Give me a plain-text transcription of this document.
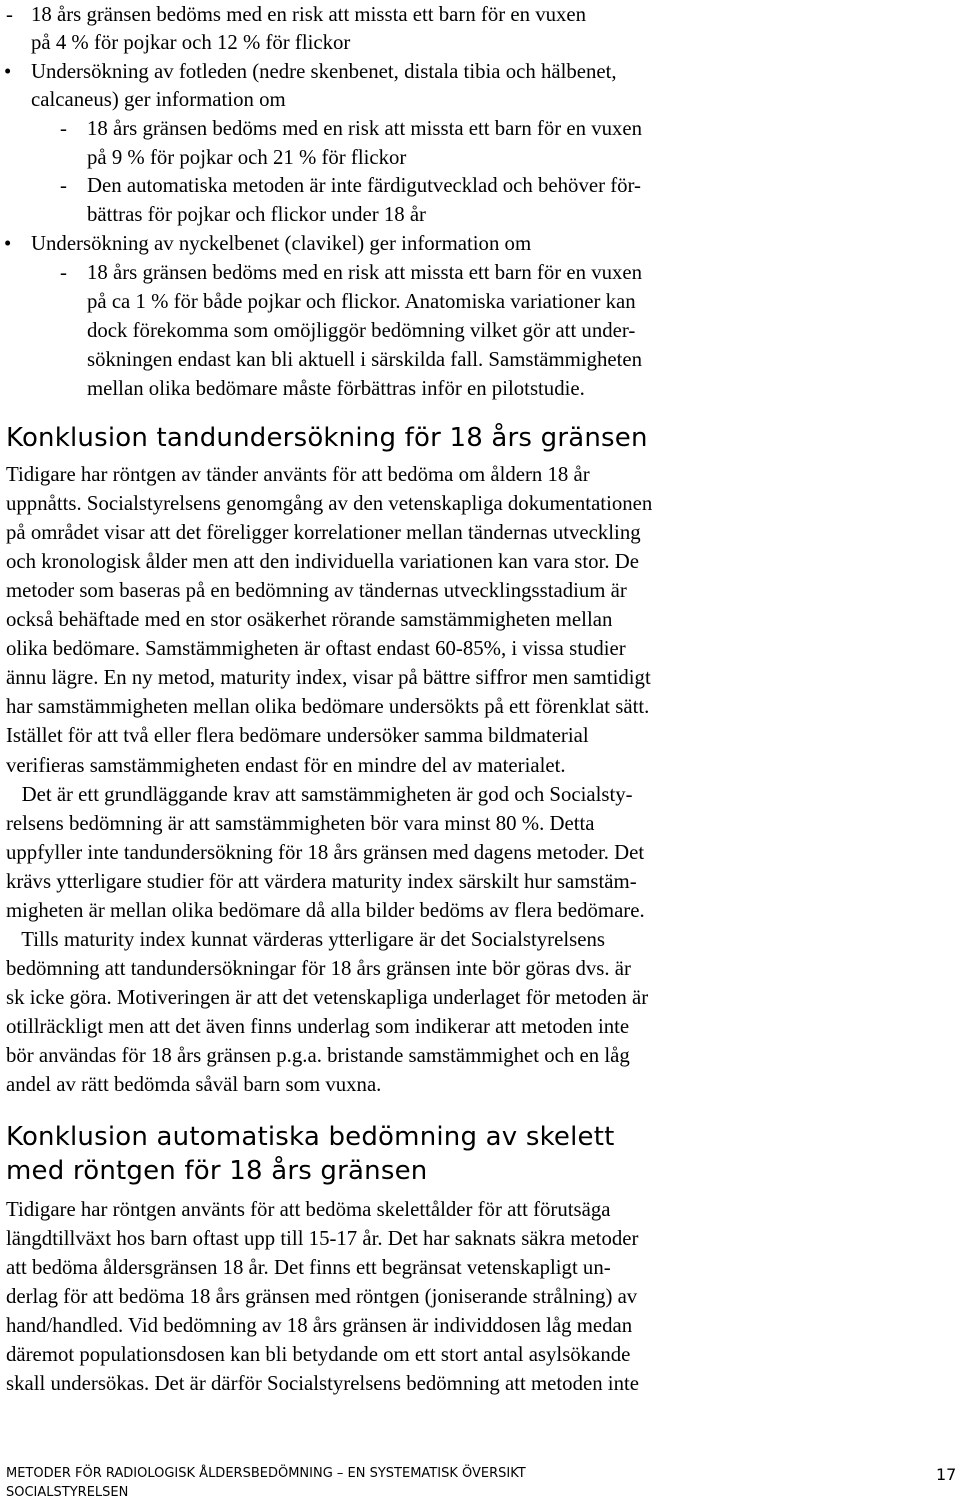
- 18 års gränsen bedöms med en risk att missta ett barn för en vuxen
på 4 % för pojkar och 12 % för flickor
• Undersökning av fotleden (nedre skenbenet, distala tibia och hälbenet,
calcaneus) ger information om
- 18 års gränsen bedöms med en risk att missta ett barn för en vuxen
på 9 % för pojkar och 21 % för flickor
- Den automatiska metoden är inte färdigutvecklad och behöver för-
bättras för pojkar och flickor under 18 år
• Undersökning av nyckelbenet (clavikel) ger information om
- 18 års gränsen bedöms med en risk att missta ett barn för en vuxen
på ca 1 % för både pojkar och flickor. Anatomiska variationer kan
dock förekomma som omöjliggör bedömning vilket gör att under-
sökningen endast kan bli aktuell i särskilda fall. Samstämmigheten
mellan olika bedömare måste förbättras inför en pilotstudie.
Konklusion tandundersökning för 18 års gränsen
Tidigare har röntgen av tänder använts för att bedöma om åldern 18 år
uppnåtts. Socialstyrelsens genomgång av den vetenskapliga dokumentationen
på området visar att det föreligger korrelationer mellan tändernas utveckling
och kronologisk ålder men att den individuella variationen kan vara stor. De
metoder som baseras på en bedömning av tändernas utvecklingsstadium är
också behäftade med en stor osäkerhet rörande samstämmigheten mellan
olika bedömare. Samstämmigheten är oftast endast 60-85%, i vissa studier
ännu lägre. En ny metod, maturity index, visar på bättre siffror men samtidigt
har samstämmigheten mellan olika bedömare undersökts på ett förenklat sätt.
Istället för att två eller flera bedömare undersöker samma bildmaterial
verifieras samstämmigheten endast för en mindre del av materialet.
Det är ett grundläggande krav att samstämmigheten är god och Socialsty-
relsens bedömning är att samstämmigheten bör vara minst 80 %. Detta
uppfyller inte tandundersökning för 18 års gränsen med dagens metoder. Det
krävs ytterligare studier för att värdera maturity index särskilt hur samstäm-
migheten är mellan olika bedömare då alla bilder bedöms av flera bedömare.
Tills maturity index kunnat värderas ytterligare är det Socialstyrelsens
bedömning att tandundersökningar för 18 års gränsen inte bör göras dvs. är
sk icke göra. Motiveringen är att det vetenskapliga underlaget för metoden är
otillräckligt men att det även finns underlag som indikerar att metoden inte
bör användas för 18 års gränsen p.g.a. bristande samstämmighet och en låg
andel av rätt bedömda såväl barn som vuxna.
Konklusion automatiska bedömning av skelett
med röntgen för 18 års gränsen
Tidigare har röntgen använts för att bedöma skelettålder för att förutsäga
längdtillväxt hos barn oftast upp till 15-17 år. Det har saknats säkra metoder
att bedöma åldersgränsen 18 år. Det finns ett begränsat vetenskapligt un-
derlag för att bedöma 18 års gränsen med röntgen (joniserande strålning) av
hand/handled. Vid bedömning av 18 års gränsen är individdosen låg medan
däremot populationsdosen kan bli betydande om ett stort antal asylsökande
skall undersökas. Det är därför Socialstyrelsens bedömning att metoden inte
METODER FÖR RADIOLOGISK ÅLDERSBEDÖMNING – EN SYSTEMATISK ÖVERSIKT
SOCIALSTYRELSEN
17
